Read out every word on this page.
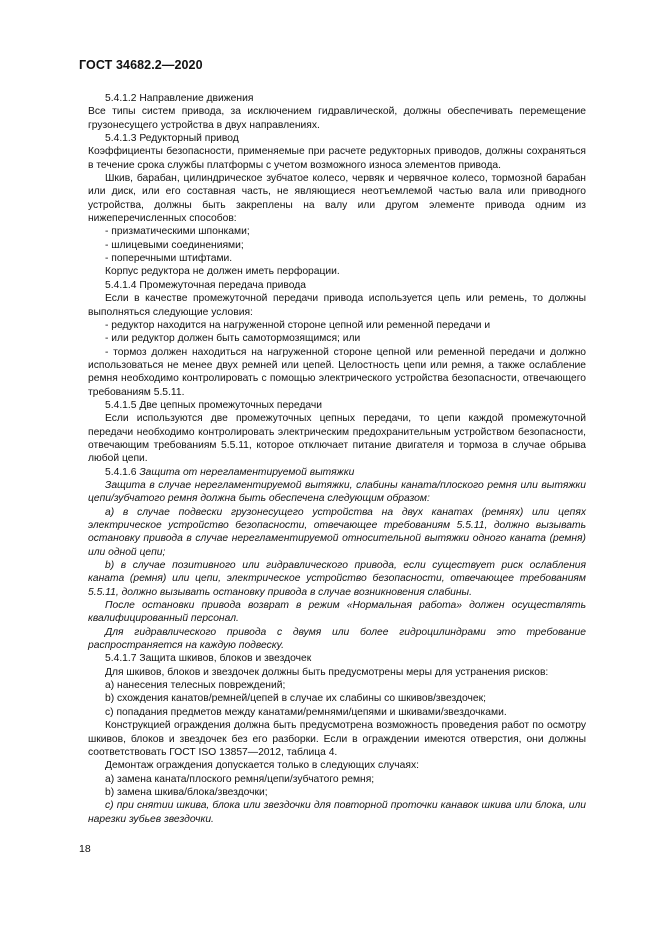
ГОСТ 34682.2—2020

5.4.1.2 Направление движения

Все типы систем привода, за исключением гидравлической, должны обеспечивать перемещение грузонесущего устройства в двух направлениях.

5.4.1.3 Редукторный привод

Коэффициенты безопасности, применяемые при расчете редукторных приводов, должны сохраняться в течение срока службы платформы с учетом возможного износа элементов привода.

Шкив, барабан, цилиндрическое зубчатое колесо, червяк и червячное колесо, тормозной барабан или диск, или его составная часть, не являющиеся неотъемлемой частью вала или приводного устройства, должны быть закреплены на валу или другом элементе привода одним из нижеперечисленных способов:

- призматическими шпонками;

- шлицевыми соединениями;

- поперечными штифтами.

Корпус редуктора не должен иметь перфорации.

5.4.1.4 Промежуточная передача привода

Если в качестве промежуточной передачи привода используется цепь или ремень, то должны выполняться следующие условия:

- редуктор находится на нагруженной стороне цепной или ременной передачи и

- или редуктор должен быть самотормозящимся; или

- тормоз должен находиться на нагруженной стороне цепной или ременной передачи и должно использоваться не менее двух ремней или цепей. Целостность цепи или ремня, а также ослабление ремня необходимо контролировать с помощью электрического устройства безопасности, отвечающего требованиям 5.5.11.

5.4.1.5 Две цепных промежуточных передачи

Если используются две промежуточных цепных передачи, то цепи каждой промежуточной передачи необходимо контролировать электрическим предохранительным устройством безопасности, отвечающим требованиям 5.5.11, которое отключает питание двигателя и тормоза в случае обрыва любой цепи.

5.4.1.6 Защита от нерегламентируемой вытяжки

Защита в случае нерегламентируемой вытяжки, слабины каната/плоского ремня или вытяжки цепи/зубчатого ремня должна быть обеспечена следующим образом:

a) в случае подвески грузонесущего устройства на двух канатах (ремнях) или цепях электрическое устройство безопасности, отвечающее требованиям 5.5.11, должно вызывать остановку привода в случае нерегламентируемой относительной вытяжки одного каната (ремня) или одной цепи;

b) в случае позитивного или гидравлического привода, если существует риск ослабления каната (ремня) или цепи, электрическое устройство безопасности, отвечающее требованиям 5.5.11, должно вызывать остановку привода в случае возникновения слабины.

После остановки привода возврат в режим «Нормальная работа» должен осуществлять квалифицированный персонал.

Для гидравлического привода с двумя или более гидроцилиндрами это требование распространяется на каждую подвеску.

5.4.1.7 Защита шкивов, блоков и звездочек

Для шкивов, блоков и звездочек должны быть предусмотрены меры для устранения рисков:

a) нанесения телесных повреждений;

b) схождения канатов/ремней/цепей в случае их слабины со шкивов/звездочек;

c) попадания предметов между канатами/ремнями/цепями и шкивами/звездочками.

Конструкцией ограждения должна быть предусмотрена возможность проведения работ по осмотру шкивов, блоков и звездочек без его разборки. Если в ограждении имеются отверстия, они должны соответствовать ГОСТ ISO 13857—2012, таблица 4.

Демонтаж ограждения допускается только в следующих случаях:

a) замена каната/плоского ремня/цепи/зубчатого ремня;

b) замена шкива/блока/звездочки;

c) при снятии шкива, блока или звездочки для повторной проточки канавок шкива или блока, или нарезки зубьев звездочки.

18
